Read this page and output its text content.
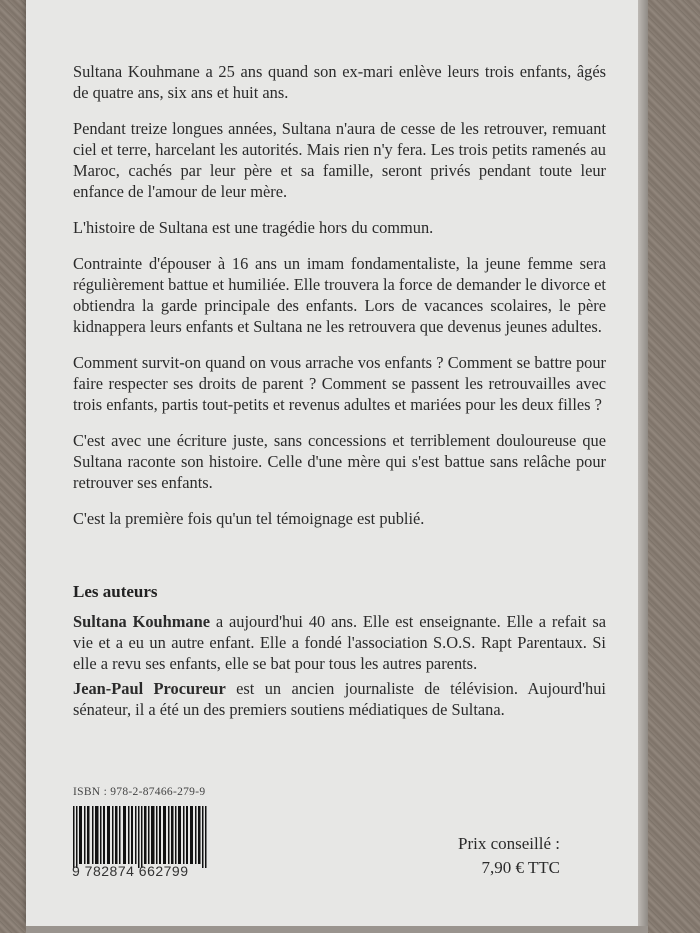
Sultana Kouhmane a 25 ans quand son ex-mari enlève leurs trois enfants, âgés de quatre ans, six ans et huit ans.

Pendant treize longues années, Sultana n'aura de cesse de les retrouver, remuant ciel et terre, harcelant les autorités. Mais rien n'y fera. Les trois petits ramenés au Maroc, cachés par leur père et sa famille, seront privés pendant toute leur enfance de l'amour de leur mère.

L'histoire de Sultana est une tragédie hors du commun.

Contrainte d'épouser à 16 ans un imam fondamentaliste, la jeune femme sera régulièrement battue et humiliée. Elle trouvera la force de demander le divorce et obtiendra la garde principale des enfants. Lors de vacances scolaires, le père kidnappera leurs enfants et Sultana ne les retrouvera que devenus jeunes adultes.

Comment survit-on quand on vous arrache vos enfants ? Comment se battre pour faire respecter ses droits de parent ? Comment se passent les retrouvailles avec trois enfants, partis tout-petits et revenus adultes et mariées pour les deux filles ?

C'est avec une écriture juste, sans concessions et terriblement douloureuse que Sultana raconte son histoire. Celle d'une mère qui s'est battue sans relâche pour retrouver ses enfants.

C'est la première fois qu'un tel témoignage est publié.

Les auteurs

Sultana Kouhmane a aujourd'hui 40 ans. Elle est enseignante. Elle a refait sa vie et a eu un autre enfant. Elle a fondé l'association S.O.S. Rapt Parentaux. Si elle a revu ses enfants, elle se bat pour tous les autres parents.

Jean-Paul Procureur est un ancien journaliste de télévision. Aujourd'hui sénateur, il a été un des premiers soutiens médiatiques de Sultana.

ISBN : 978-2-87466-279-9
9 782874 662799
Prix conseillé :
7,90 € TTC
